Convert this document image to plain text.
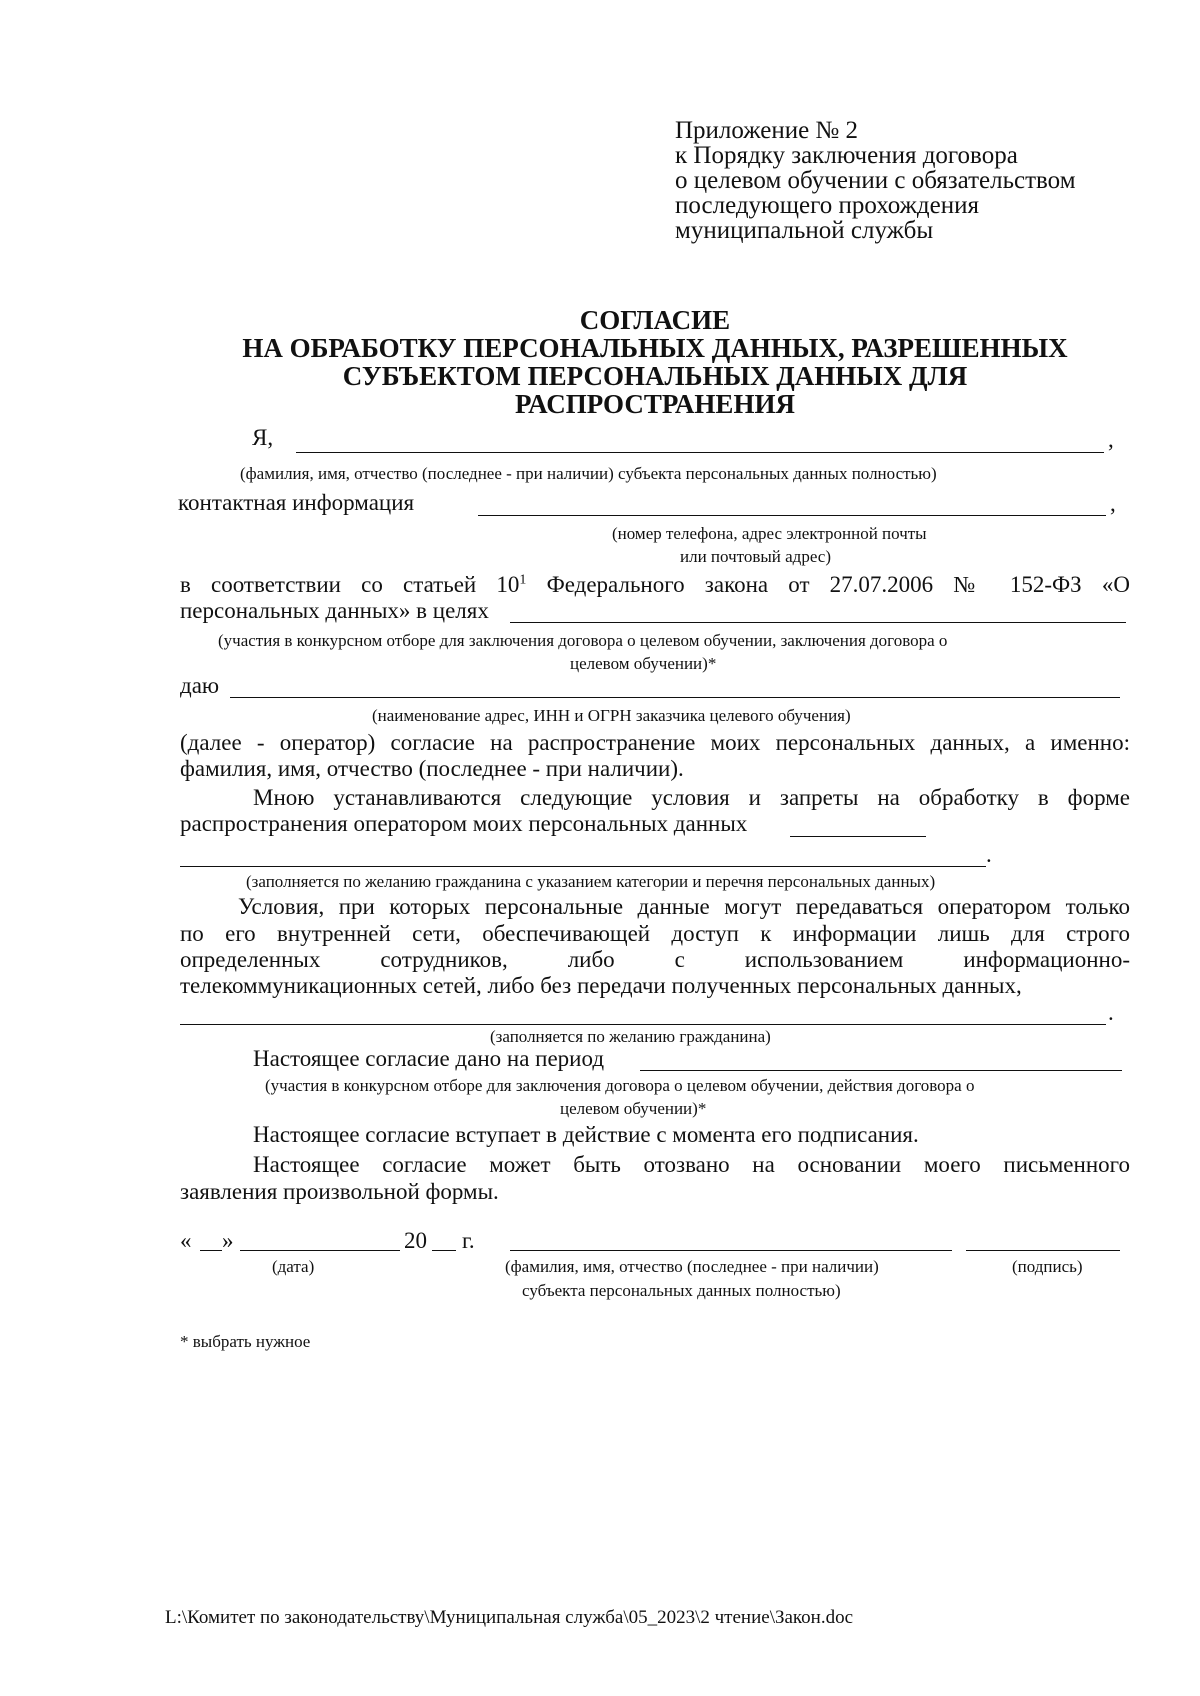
Приложение № 2
к Порядку заключения договора
о целевом обучении с обязательством
последующего прохождения
муниципальной службы
СОГЛАСИЕ
НА ОБРАБОТКУ ПЕРСОНАЛЬНЫХ ДАННЫХ, РАЗРЕШЕННЫХ
СУБЪЕКТОМ ПЕРСОНАЛЬНЫХ ДАННЫХ ДЛЯ
РАСПРОСТРАНЕНИЯ
Я,	,
(фамилия, имя, отчество (последнее - при наличии) субъекта персональных данных полностью)
контактная информация	,
(номер телефона, адрес электронной почты
или почтовый адрес)
в соответствии со статьей $10^1$ Федерального закона от 27.07.2006 № 152-ФЗ «О
персональных данных» в целях
(участия в конкурсном отборе для заключения договора о целевом обучении, заключения договора о
целевом обучении)*
даю
(наименование адрес, ИНН и ОГРН заказчика целевого обучения)
(далее - оператор) согласие на распространение моих персональных данных, а именно:
фамилия, имя, отчество (последнее - при наличии).
Мною устанавливаются следующие условия и запреты на обработку в форме
распространения оператором моих персональных данных
.
(заполняется по желанию гражданина с указанием категории и перечня персональных данных)
Условия, при которых персональные данные могут передаваться оператором только
по его внутренней сети, обеспечивающей доступ к информации лишь для строго
определенных	сотрудников,	либо	с	использованием	информационно-
телекоммуникационных сетей, либо без передачи полученных персональных данных,
.
(заполняется по желанию гражданина)
Настоящее согласие дано на период
(участия в конкурсном отборе для заключения договора о целевом обучении, действия договора о
целевом обучении)*
Настоящее согласие вступает в действие с момента его подписания.
Настоящее согласие может быть отозвано на основании моего письменного
заявления произвольной формы.
« »	20 г.
(дата)	(фамилия, имя, отчество (последнее - при наличии)
субъекта персональных данных полностью)
(подпись)
* выбрать нужное
L:\Комитет по законодательству\Муниципальная служба\05_2023\2 чтение\Закон.doc
